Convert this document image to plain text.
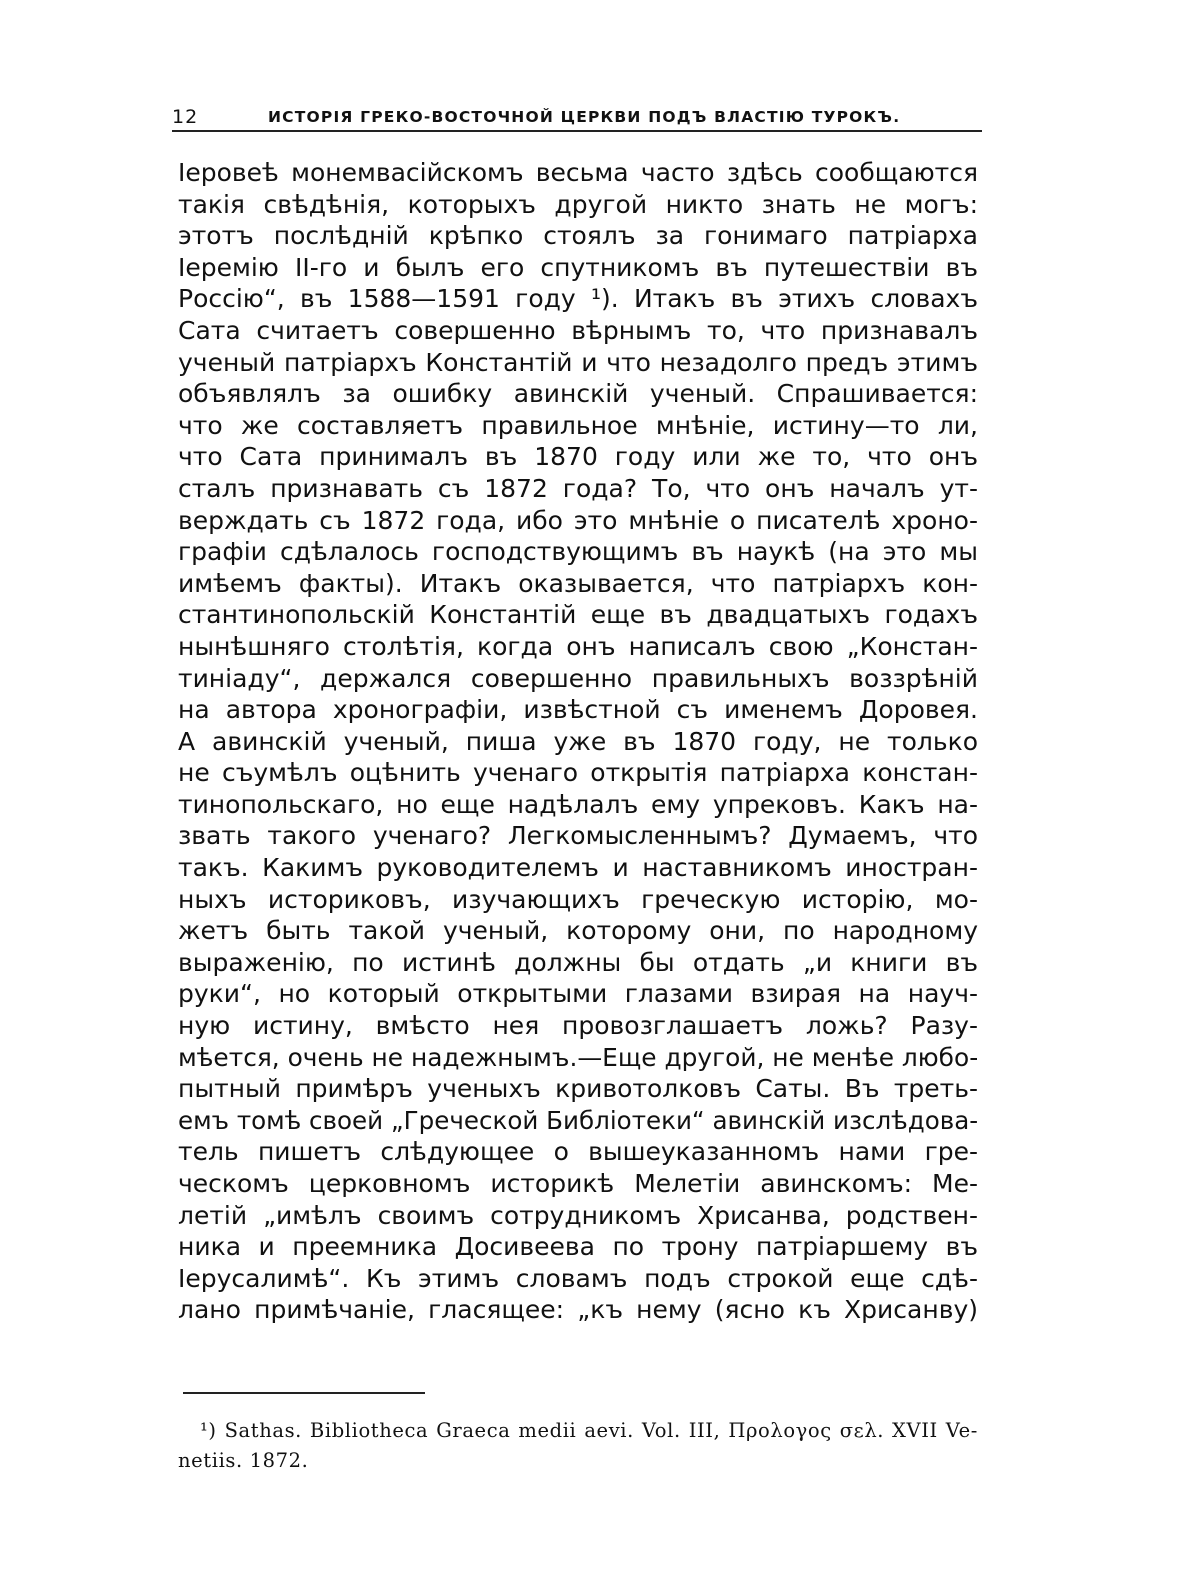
12	ИСТОРІЯ ГРЕКО-ВОСТОЧНОЙ ЦЕРКВИ ПОДЪ ВЛАСТІЮ ТУРОКЪ.
Іеровеѣ монемвасійскомъ весьма часто здѣсь сообщаются
такія свѣдѣнія, которыхъ другой никто знать не могъ:
этотъ послѣдній крѣпко стоялъ за гонимаго патріарха
Іеремію ІІ-го и былъ его спутникомъ въ путешествіи въ
Россію“, въ 1588—1591 году ¹). Итакъ въ этихъ словахъ
Сата считаетъ совершенно вѣрнымъ то, что признавалъ
ученый патріархъ Константій и что незадолго предъ этимъ
объявлялъ за ошибку авинскій ученый. Спрашивается:
что же составляетъ правильное мнѣніе, истину—то ли,
что Сата принималъ въ 1870 году или же то, что онъ
сталъ признавать съ 1872 года? То, что онъ началъ ут-
верждать съ 1872 года, ибо это мнѣніе о писателѣ хроно-
графіи сдѣлалось господствующимъ въ наукѣ (на это мы
имѣемъ факты). Итакъ оказывается, что патріархъ кон-
стантинопольскій Константій еще въ двадцатыхъ годахъ
нынѣшняго столѣтія, когда онъ написалъ свою „Констан-
тиніаду“, держался совершенно правильныхъ воззрѣній
на автора хронографіи, извѣстной съ именемъ Доровея.
А авинскій ученый, пиша уже въ 1870 году, не только
не съумѣлъ оцѣнить ученаго открытія патріарха констан-
тинопольскаго, но еще надѣлалъ ему упрековъ. Какъ на-
звать такого ученаго? Легкомысленнымъ? Думаемъ, что
такъ. Какимъ руководителемъ и наставникомъ иностран-
ныхъ историковъ, изучающихъ греческую исторію, мо-
жетъ быть такой ученый, которому они, по народному
выраженію, по истинѣ должны бы отдать „и книги въ
руки“, но который открытыми глазами взирая на науч-
ную истину, вмѣсто нея провозглашаетъ ложь? Разу-
мѣется, очень не надежнымъ.—Еще другой, не менѣе любо-
пытный примѣръ ученыхъ кривотолковъ Саты. Въ треть-
емъ томѣ своей „Греческой Библіотеки“ авинскій изслѣдова-
тель пишетъ слѣдующее о вышеуказанномъ нами гре-
ческомъ церковномъ историкѣ Мелетіи авинскомъ: Ме-
летій „имѣлъ своимъ сотрудникомъ Хрисанва, родствен-
ника и преемника Досивеева по трону патріаршему въ
Іерусалимѣ“. Къ этимъ словамъ подъ строкой еще сдѣ-
лано примѣчаніе, гласящее: „къ нему (ясно къ Хрисанву)
¹) Sathas. Bibliotheca Graeca medii aevi. Vol. III, Προλογος σελ. XVII Ve-
netiis. 1872.
